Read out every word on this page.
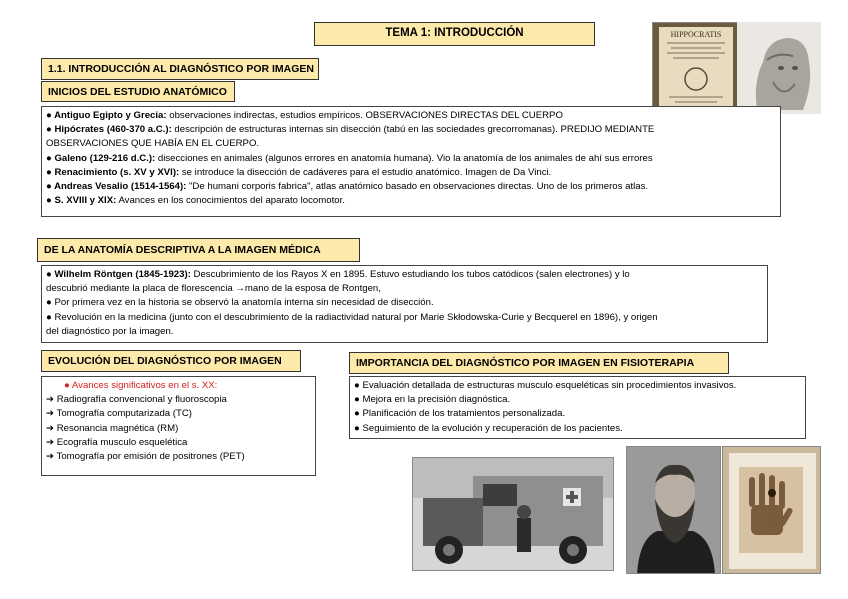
TEMA 1: INTRODUCCIÓN	HIPPOCRATIS
1.1. INTRODUCCIÓN AL DIAGNÓSTICO POR IMAGEN
INICIOS DEL ESTUDIO ANATÓMICO
● Antiguo Egipto y Grecia: observaciones indirectas, estudios empíricos. OBSERVACIONES DIRECTAS DEL CUERPO
● Hipócrates (460-370 a.C.): descripción de estructuras internas sin disección (tabú en las sociedades grecorromanas). PREDIJO MEDIANTE
OBSERVACIONES QUE HABÍA EN EL CUERPO.
● Galeno (129-216 d.C.): disecciones en animales (algunos errores en anatomía humana). Vio la anatomía de los animales de ahí sus errores
● Renacimiento (s. XV y XVI): se introduce la disección de cadáveres para el estudio anatómico. Imagen de Da Vinci.
● Andreas Vesalio (1514-1564): "De humani corporis fabrica", atlas anatómico basado en observaciones directas. Uno de los primeros atlas.
● S. XVIII y XIX: Avances en los conocimientos del aparato locomotor.
DE LA ANATOMÍA DESCRIPTIVA A LA IMAGEN MÉDICA
● Wilhelm Röntgen (1845-1923): Descubrimiento de los Rayos X en 1895. Estuvo estudiando los tubos catódicos (salen electrones) y lo
descubrió mediante la placa de florescencia →mano de la esposa de Rontgen,
● Por primera vez en la historia se observó la anatomía interna sin necesidad de disección.
● Revolución en la medicina (junto con el descubrimiento de la radiactividad natural por Marie Skłodowska-Curie y Becquerel en 1896), y origen
del diagnóstico por la imagen.
EVOLUCIÓN DEL DIAGNÓSTICO POR IMAGEN
● Avances significativos en el s. XX:
➔ Radiografía convencional y fluoroscopia
➔ Tomografía computarizada (TC)
➔ Resonancia magnética (RM)
➔ Ecografía musculo esquelética
➔ Tomografía por emisión de positrones (PET)
IMPORTANCIA DEL DIAGNÓSTICO POR IMAGEN EN FISIOTERAPIA
● Evaluación detallada de estructuras musculo esqueléticas sin procedimientos invasivos.
● Mejora en la precisión diagnóstica.
● Planificación de los tratamientos personalizada.
● Seguimiento de la evolución y recuperación de los pacientes.
